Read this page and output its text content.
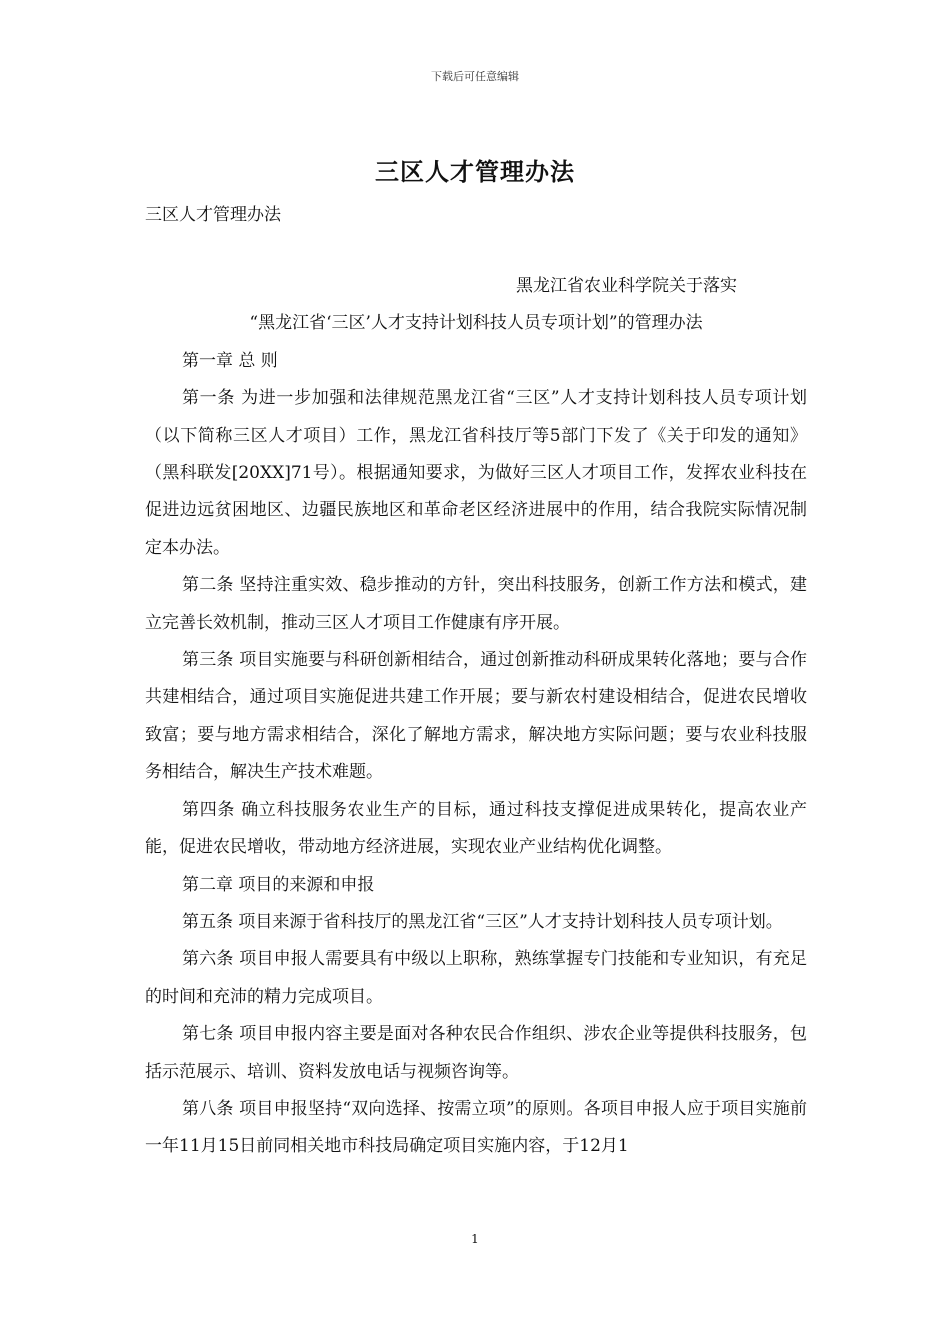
下载后可任意编辑
三区人才管理办法
三区人才管理办法

黑龙江省农业科学院关于落实

“黑龙江省‘三区’人才支持计划科技人员专项计划”的管理办法

第一章 总 则

第一条 为进一步加强和法律规范黑龙江省“三区”人才支持计划科技人员专项计划（以下简称三区人才项目）工作，黑龙江省科技厅等5部门下发了《关于印发的通知》（黑科联发[20XX]71号）。根据通知要求，为做好三区人才项目工作，发挥农业科技在促进边远贫困地区、边疆民族地区和革命老区经济进展中的作用，结合我院实际情况制定本办法。

第二条 坚持注重实效、稳步推动的方针，突出科技服务，创新工作方法和模式，建立完善长效机制，推动三区人才项目工作健康有序开展。

第三条 项目实施要与科研创新相结合，通过创新推动科研成果转化落地；要与合作共建相结合，通过项目实施促进共建工作开展；要与新农村建设相结合，促进农民增收致富；要与地方需求相结合，深化了解地方需求，解决地方实际问题；要与农业科技服务相结合，解决生产技术难题。

第四条 确立科技服务农业生产的目标，通过科技支撑促进成果转化，提高农业产能，促进农民增收，带动地方经济进展，实现农业产业结构优化调整。

第二章 项目的来源和申报

第五条 项目来源于省科技厅的黑龙江省“三区”人才支持计划科技人员专项计划。

第六条 项目申报人需要具有中级以上职称，熟练掌握专门技能和专业知识，有充足的时间和充沛的精力完成项目。

第七条 项目申报内容主要是面对各种农民合作组织、涉农企业等提供科技服务，包括示范展示、培训、资料发放电话与视频咨询等。

第八条 项目申报坚持“双向选择、按需立项”的原则。各项目申报人应于项目实施前一年11月15日前同相关地市科技局确定项目实施内容，于12月1

1
